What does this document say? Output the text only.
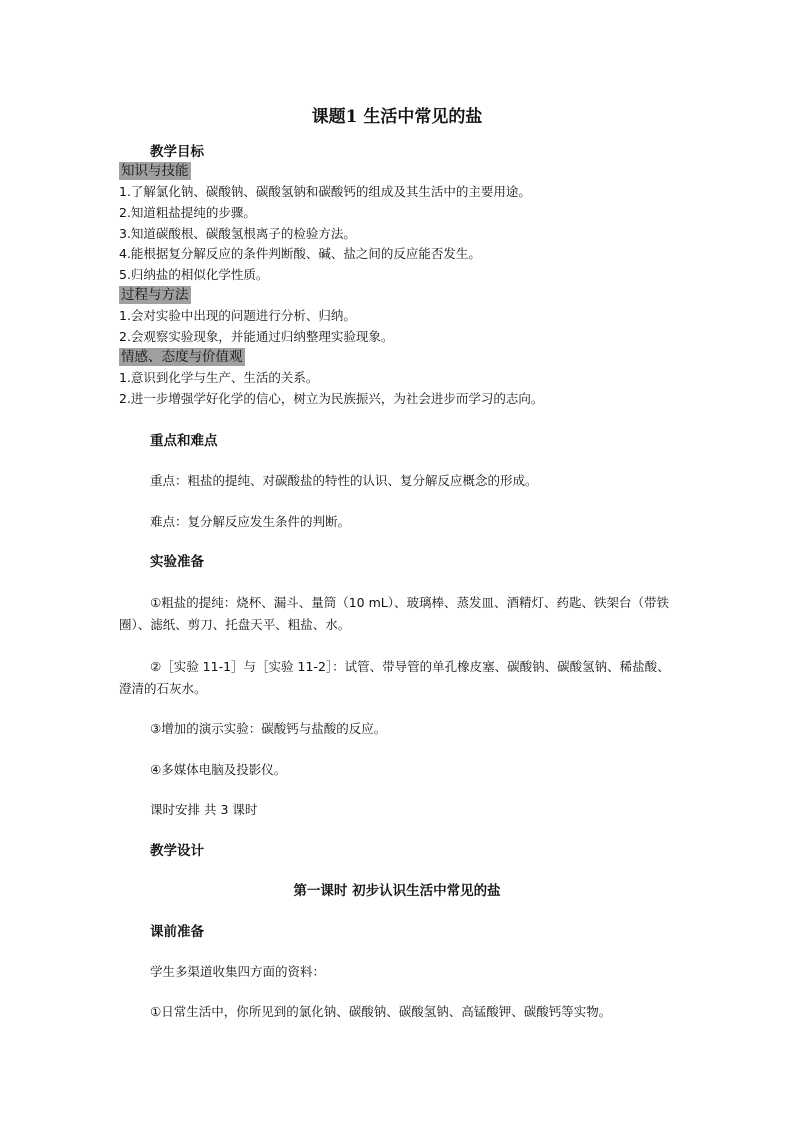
课题1 生活中常见的盐
教学目标
知识与技能
1.了解氯化钠、碳酸钠、碳酸氢钠和碳酸钙的组成及其生活中的主要用途。
2.知道粗盐提纯的步骤。
3.知道碳酸根、碳酸氢根离子的检验方法。
4.能根据复分解反应的条件判断酸、碱、盐之间的反应能否发生。
5.归纳盐的相似化学性质。
过程与方法
1.会对实验中出现的问题进行分析、归纳。
2.会观察实验现象，并能通过归纳整理实验现象。
情感、态度与价值观
1.意识到化学与生产、生活的关系。
2.进一步增强学好化学的信心，树立为民族振兴，为社会进步而学习的志向。
重点和难点
重点：粗盐的提纯、对碳酸盐的特性的认识、复分解反应概念的形成。
难点：复分解反应发生条件的判断。
实验准备

①粗盐的提纯：烧杯、漏斗、量筒（10 mL）、玻璃棒、蒸发皿、酒精灯、药匙、铁架台（带铁圈）、滤纸、剪刀、托盘天平、粗盐、水。

②［实验 11-1］与［实验 11-2］：试管、带导管的单孔橡皮塞、碳酸钠、碳酸氢钠、稀盐酸、澄清的石灰水。

③增加的演示实验：碳酸钙与盐酸的反应。
④多媒体电脑及投影仪。
课时安排 共 3 课时
教学设计
第一课时 初步认识生活中常见的盐
课前准备
学生多渠道收集四方面的资料：
①日常生活中，你所见到的氯化钠、碳酸钠、碳酸氢钠、高锰酸钾、碳酸钙等实物。
